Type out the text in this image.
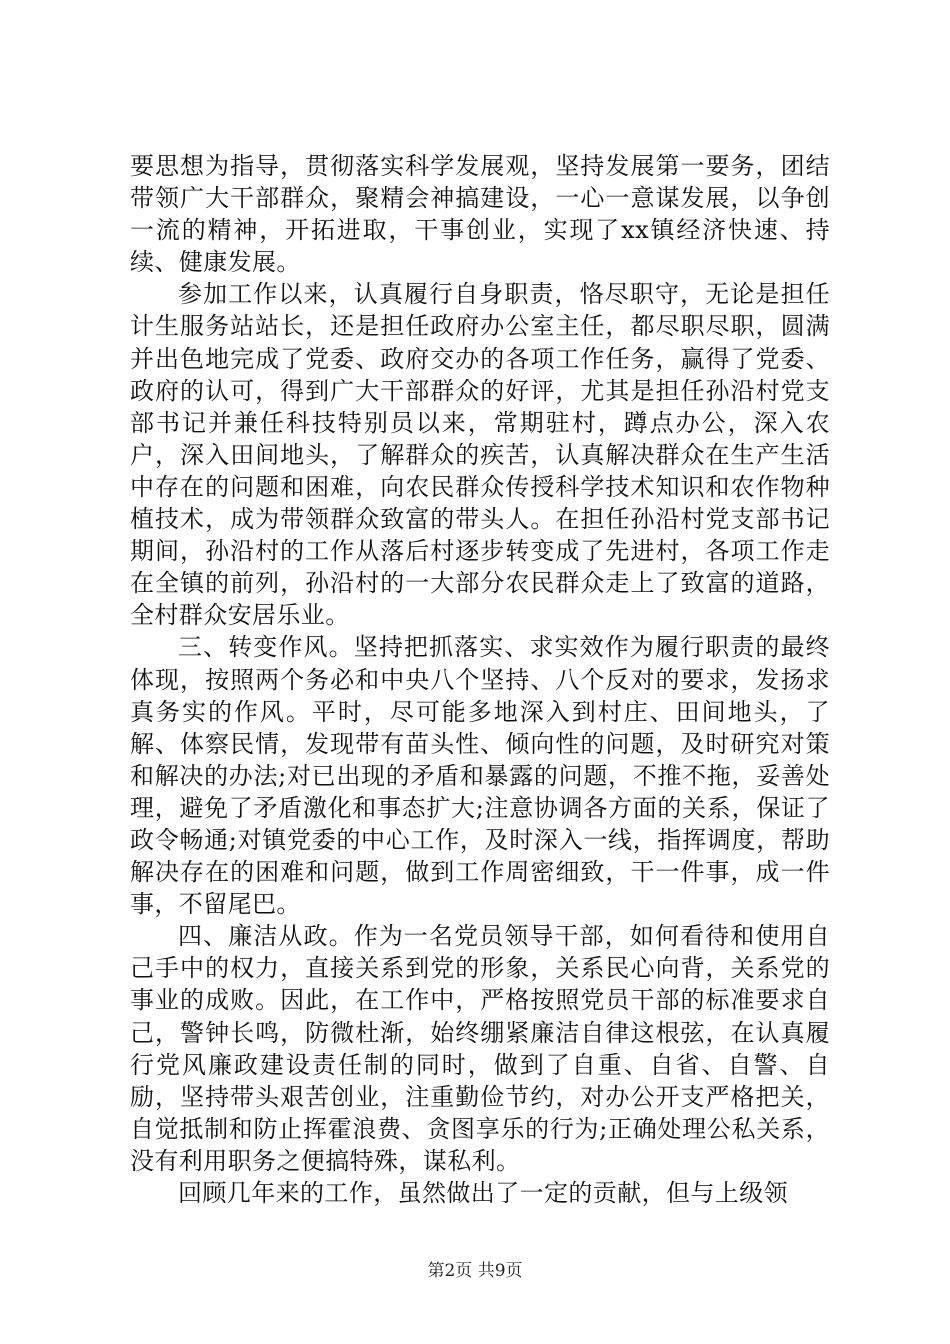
要思想为指导，贯彻落实科学发展观，坚持发展第一要务，团结带领广大干部群众，聚精会神搞建设，一心一意谋发展，以争创一流的精神，开拓进取，干事创业，实现了xx镇经济快速、持续、健康发展。

参加工作以来，认真履行自身职责，恪尽职守，无论是担任计生服务站站长，还是担任政府办公室主任，都尽职尽职，圆满并出色地完成了党委、政府交办的各项工作任务，赢得了党委、政府的认可，得到广大干部群众的好评，尤其是担任孙沿村党支部书记并兼任科技特别员以来，常期驻村，蹲点办公，深入农户，深入田间地头，了解群众的疾苦，认真解决群众在生产生活中存在的问题和困难，向农民群众传授科学技术知识和农作物种植技术，成为带领群众致富的带头人。在担任孙沿村党支部书记期间，孙沿村的工作从落后村逐步转变成了先进村，各项工作走在全镇的前列，孙沿村的一大部分农民群众走上了致富的道路，全村群众安居乐业。

三、转变作风。坚持把抓落实、求实效作为履行职责的最终体现，按照两个务必和中央八个坚持、八个反对的要求，发扬求真务实的作风。平时，尽可能多地深入到村庄、田间地头，了解、体察民情，发现带有苗头性、倾向性的问题，及时研究对策和解决的办法;对已出现的矛盾和暴露的问题，不推不拖，妥善处理，避免了矛盾激化和事态扩大;注意协调各方面的关系，保证了政令畅通;对镇党委的中心工作，及时深入一线，指挥调度，帮助解决存在的困难和问题，做到工作周密细致，干一件事，成一件事，不留尾巴。

四、廉洁从政。作为一名党员领导干部，如何看待和使用自己手中的权力，直接关系到党的形象，关系民心向背，关系党的事业的成败。因此，在工作中，严格按照党员干部的标准要求自己，警钟长鸣，防微杜渐，始终绷紧廉洁自律这根弦，在认真履行党风廉政建设责任制的同时，做到了自重、自省、自警、自励，坚持带头艰苦创业，注重勤俭节约，对办公开支严格把关，自觉抵制和防止挥霍浪费、贪图享乐的行为;正确处理公私关系，没有利用职务之便搞特殊，谋私利。

回顾几年来的工作，虽然做出了一定的贡献，但与上级领

第2页 共9页
